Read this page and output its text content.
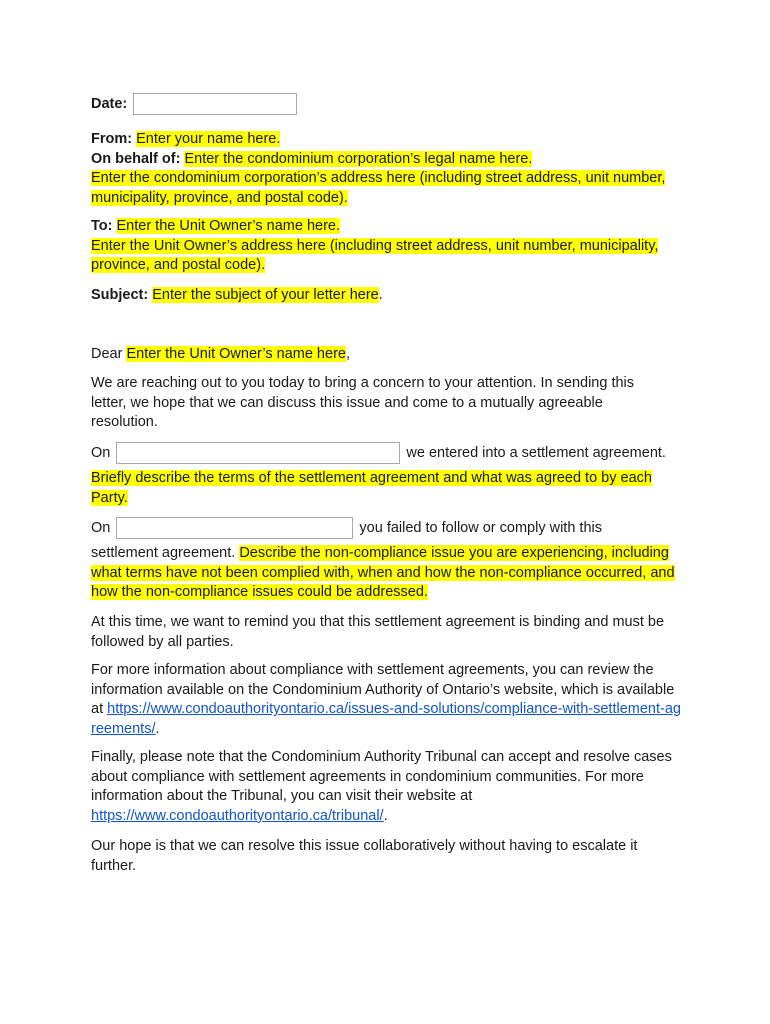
Date:
From: Enter your name here.
On behalf of: Enter the condominium corporation’s legal name here.
Enter the condominium corporation’s address here (including street address, unit number, municipality, province, and postal code).
To: Enter the Unit Owner’s name here.
Enter the Unit Owner’s address here (including street address, unit number, municipality, province, and postal code).
Subject: Enter the subject of your letter here.
Dear Enter the Unit Owner’s name here,
We are reaching out to you today to bring a concern to your attention. In sending this letter, we hope that we can discuss this issue and come to a mutually agreeable resolution.
On	we entered into a settlement agreement.
Briefly describe the terms of the settlement agreement and what was agreed to by each Party.
On	you failed to follow or comply with this
settlement agreement. Describe the non-compliance issue you are experiencing, including what terms have not been complied with, when and how the non-compliance occurred, and how the non-compliance issues could be addressed.
At this time, we want to remind you that this settlement agreement is binding and must be followed by all parties.
For more information about compliance with settlement agreements, you can review the information available on the Condominium Authority of Ontario’s website, which is available at https://www.condoauthorityontario.ca/issues-and-solutions/compliance-with-settlement-agreements/.
Finally, please note that the Condominium Authority Tribunal can accept and resolve cases about compliance with settlement agreements in condominium communities. For more information about the Tribunal, you can visit their website at https://www.condoauthorityontario.ca/tribunal/.
Our hope is that we can resolve this issue collaboratively without having to escalate it further.
